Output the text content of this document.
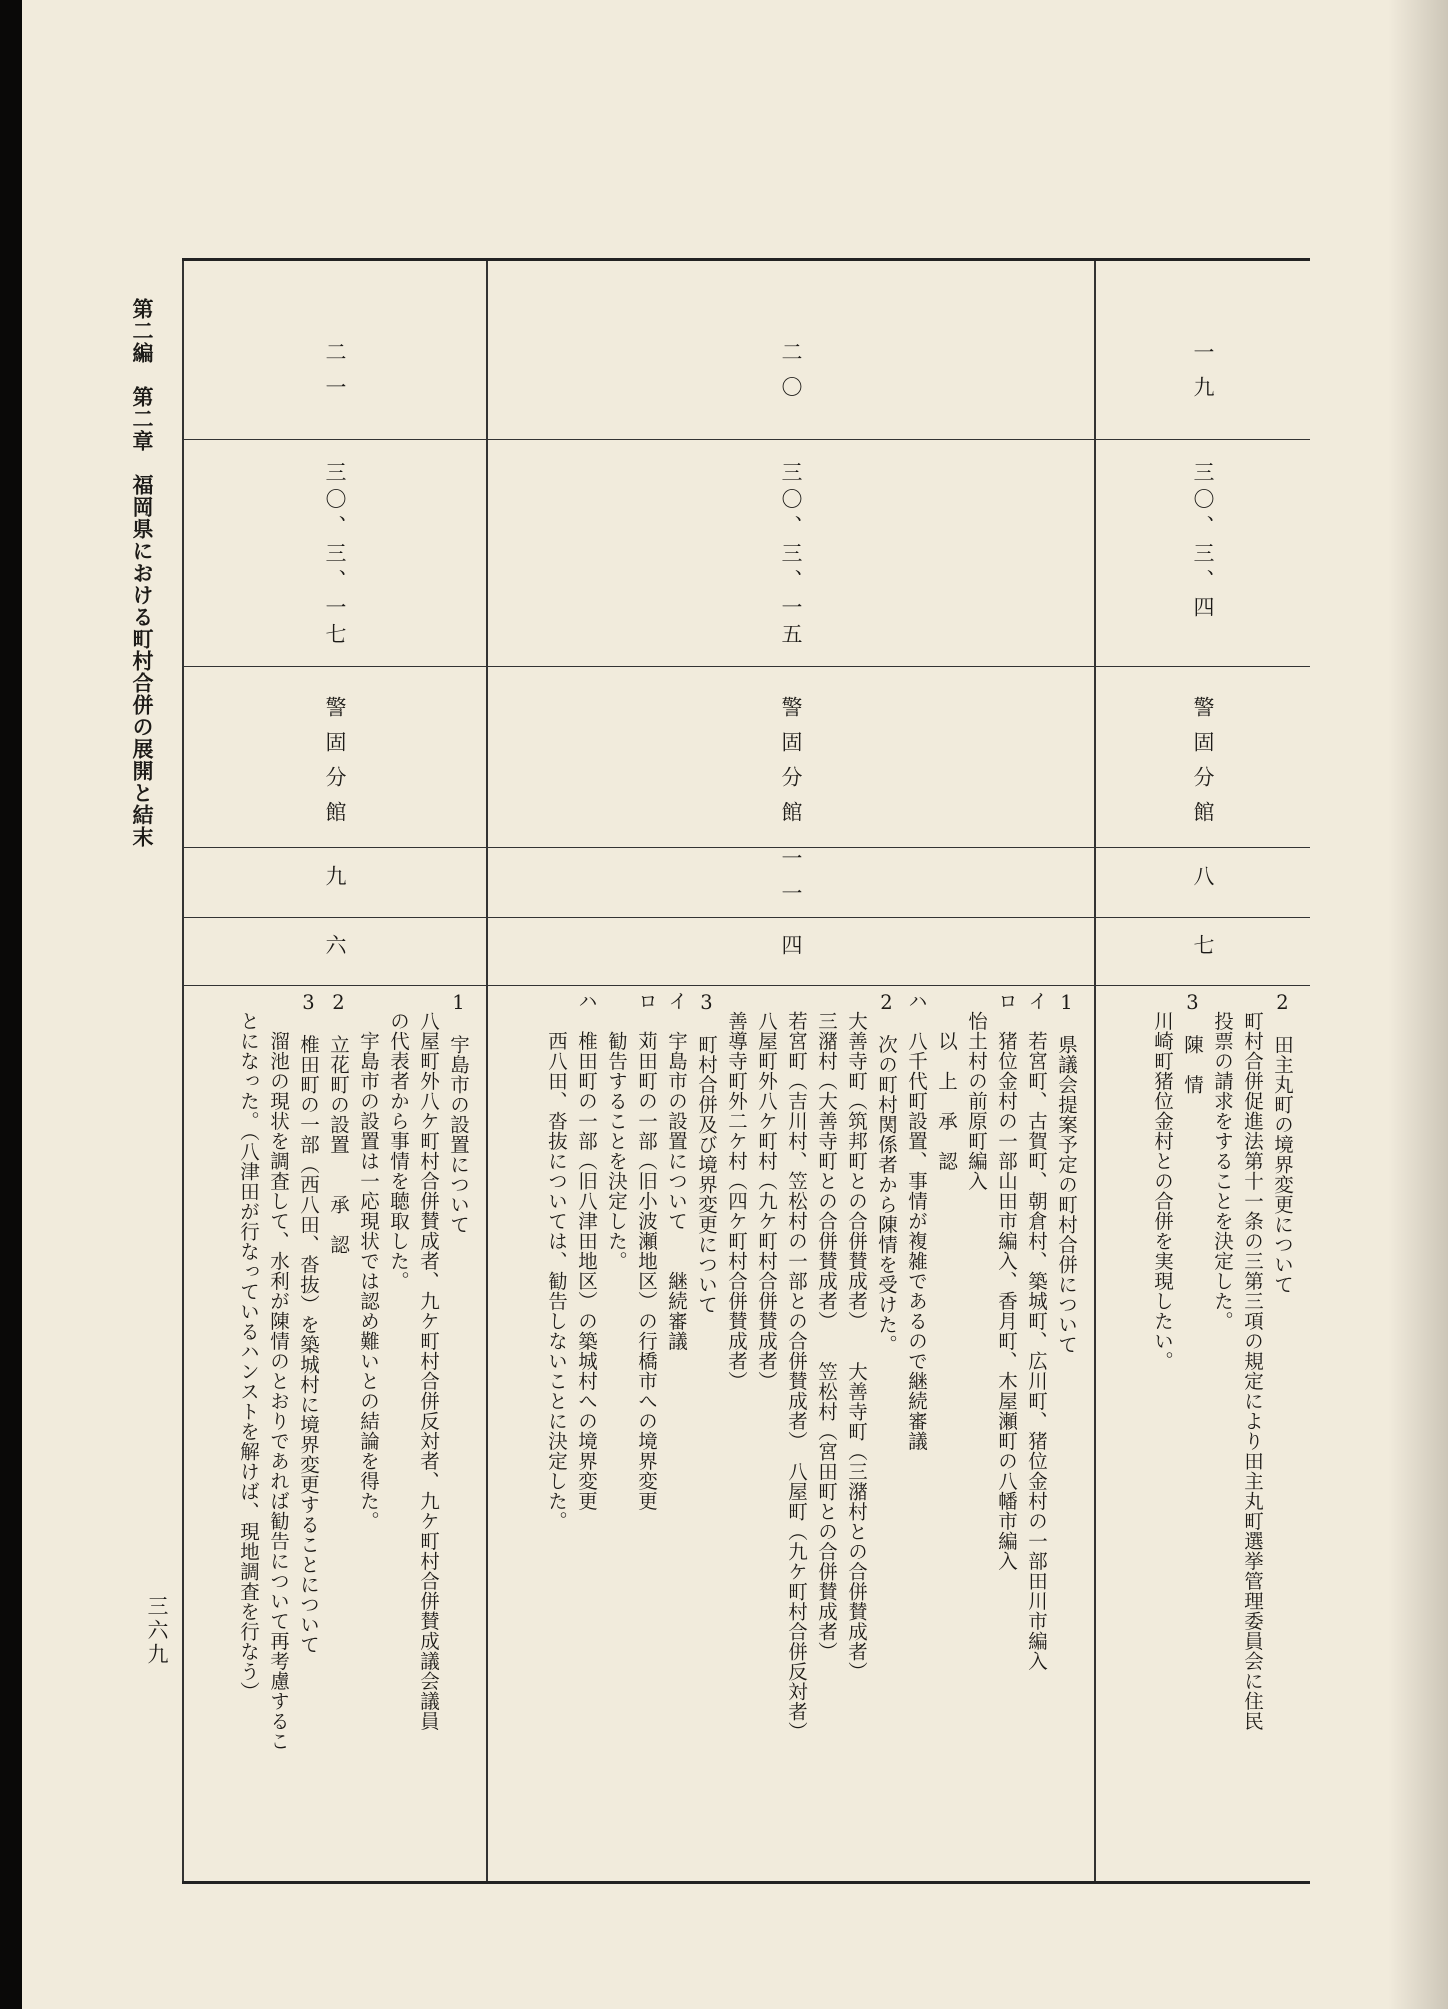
第二編　第二章　福岡県における町村合併の展開と結末
三六九
二一
三〇、三、一七
警固分館
九
六
1　宇島市の設置について
　八屋町外八ケ町村合併賛成者、九ケ町村合併反対者、九ケ町村合併賛成議会議員
　の代表者から事情を聴取した。
　　宇島市の設置は一応現状では認め難いとの結論を得た。
2　立花町の設置　　承　認
3　椎田町の一部（西八田、沓抜）を築城村に境界変更することについて
　　溜池の現状を調査して、水利が陳情のとおりであれば勧告について再考慮するこ
　とになった。（八津田が行なっているハンストを解けば、現地調査を行なう）
二〇
三〇、三、一五
警固分館
一一
四
1　県議会提案予定の町村合併について
イ　若宮町、古賀町、朝倉村、築城町、広川町、猪位金村の一部田川市編入
ロ　猪位金村の一部山田市編入、香月町、木屋瀬町の八幡市編入
　怡土村の前原町編入
　　以　上　承　認
ハ　八千代町設置、事情が複雑であるので継続審議
2　次の町村関係者から陳情を受けた。
　大善寺町（筑邦町との合併賛成者）　　大善寺町（三潴村との合併賛成者）
　三潴村（大善寺町との合併賛成者）　　笠松村（宮田町との合併賛成者）
　若宮町（吉川村、笠松村の一部との合併賛成者）　八屋町（九ケ町村合併反対者）
　八屋町外八ケ町村（九ケ町村合併賛成者）
　善導寺町外二ケ村（四ケ町村合併賛成者）
3　町村合併及び境界変更について
イ　宇島市の設置について　　継続審議
ロ　苅田町の一部（旧小波瀬地区）の行橋市への境界変更
　　勧告することを決定した。
ハ　椎田町の一部（旧八津田地区）の築城村への境界変更
　　西八田、沓抜については、勧告しないことに決定した。
一九
三〇、三、四
警固分館
八
七
2　田主丸町の境界変更について
　町村合併促進法第十一条の三第三項の規定により田主丸町選挙管理委員会に住民
　投票の請求をすることを決定した。
3　陳　情
　川崎町猪位金村との合併を実現したい。
